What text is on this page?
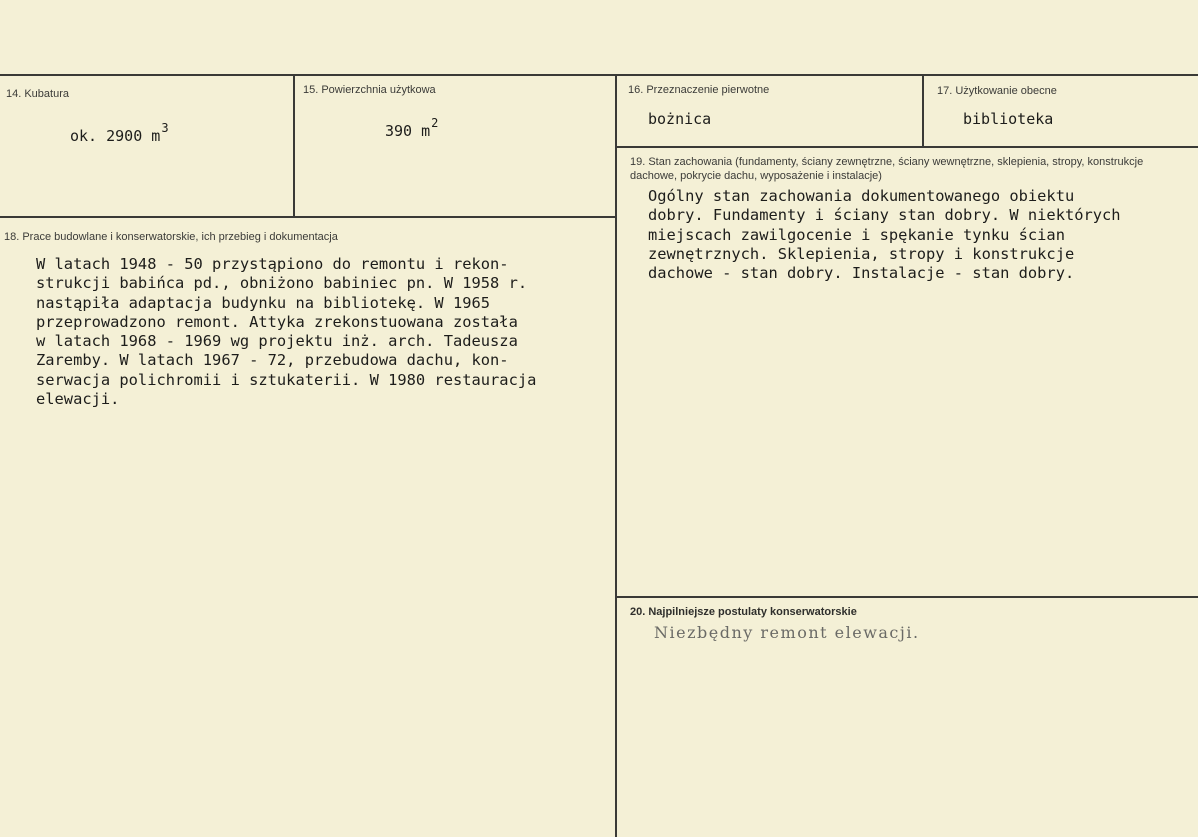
14. Kubatura
ok. 2900 $m^3$
15. Powierzchnia użytkowa
390 $m^2$
16. Przeznaczenie pierwotne
bożnica
17. Użytkowanie obecne
biblioteka
18. Prace budowlane i konserwatorskie, ich przebieg i dokumentacja
W latach 1948 - 50 przystąpiono do remontu i rekon-
strukcji babińca pd., obniżono babiniec pn. W 1958 r.
nastąpiła adaptacja budynku na bibliotekę. W 1965
przeprowadzono remont. Attyka zrekonstuowana została
w latach 1968 - 1969 wg projektu inż. arch. Tadeusza
Zaremby. W latach 1967 - 72, przebudowa dachu, kon-
serwacja polichromii i sztukaterii. W 1980 restauracja
elewacji.
19. Stan zachowania (fundamenty, ściany zewnętrzne, ściany wewnętrzne, sklepienia, stropy, konstrukcje dachowe, pokrycie dachu, wyposażenie i instalacje)
Ogólny stan zachowania dokumentowanego obiektu
dobry. Fundamenty i ściany stan dobry. W niektórych
miejscach zawilgocenie i spękanie tynku ścian
zewnętrznych. Sklepienia, stropy i konstrukcje
dachowe - stan dobry. Instalacje - stan dobry.
20. Najpilniejsze postulaty konserwatorskie
Niezbędny remont elewacji.
